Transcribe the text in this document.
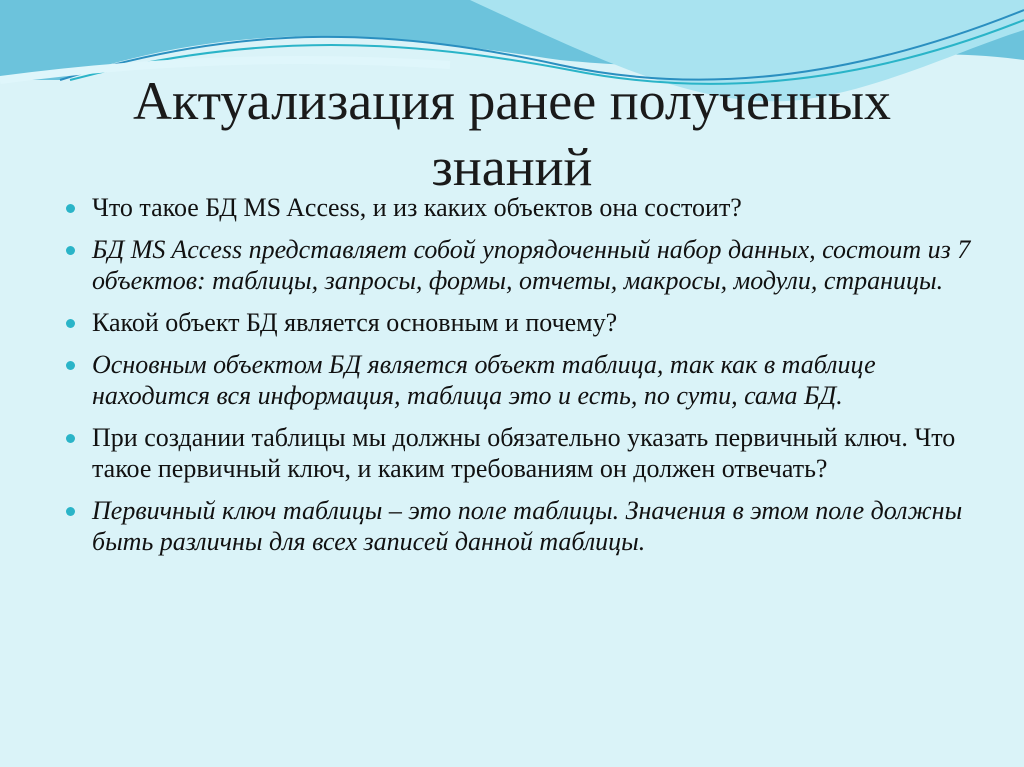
Актуализация ранее полученных
знаний
Что такое БД MS Access, и из каких объектов она состоит?
БД MS Access представляет собой упорядоченный набор данных, состоит из 7 объектов: таблицы, запросы, формы, отчеты, макросы, модули, страницы.
Какой объект БД является основным и почему?
Основным объектом БД является объект таблица, так как в таблице находится вся информация, таблица это и есть, по сути, сама БД.
При создании таблицы мы должны обязательно указать первичный ключ. Что такое первичный ключ, и каким требованиям он должен отвечать?
Первичный ключ таблицы – это поле таблицы. Значения в этом поле должны быть различны для всех записей данной таблицы.
